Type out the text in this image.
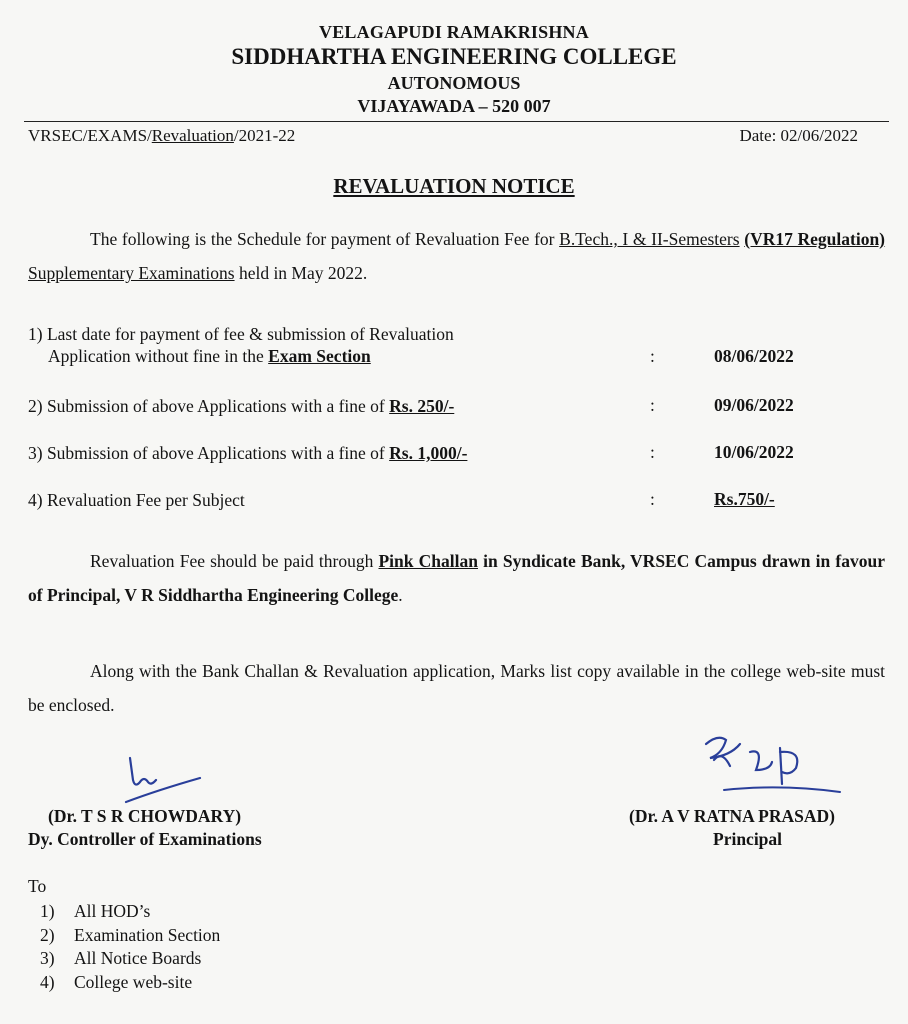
VELAGAPUDI RAMAKRISHNA
SIDDHARTHA ENGINEERING COLLEGE
AUTONOMOUS
VIJAYAWADA – 520 007
VRSEC/EXAMS/Revaluation/2021-22	Date: 02/06/2022
REVALUATION NOTICE
The following is the Schedule for payment of Revaluation Fee for B.Tech., I & II-Semesters (VR17 Regulation) Supplementary Examinations held in May 2022.
1) Last date for payment of fee & submission of Revaluation
Application without fine in the Exam Section	:	08/06/2022
2) Submission of above Applications with a fine of Rs. 250/-	:	09/06/2022
3) Submission of above Applications with a fine of Rs. 1,000/-	:	10/06/2022
4) Revaluation Fee per Subject	:	Rs.750/-
Revaluation Fee should be paid through Pink Challan in Syndicate Bank, VRSEC Campus drawn in favour of Principal, V R Siddhartha Engineering College.
Along with the Bank Challan & Revaluation application, Marks list copy available in the college web-site must be enclosed.
(Dr. T S R CHOWDARY)
Dy. Controller of Examinations
(Dr. A V RATNA PRASAD)
Principal
To
1) All HOD’s
2) Examination Section
3) All Notice Boards
4) College web-site
